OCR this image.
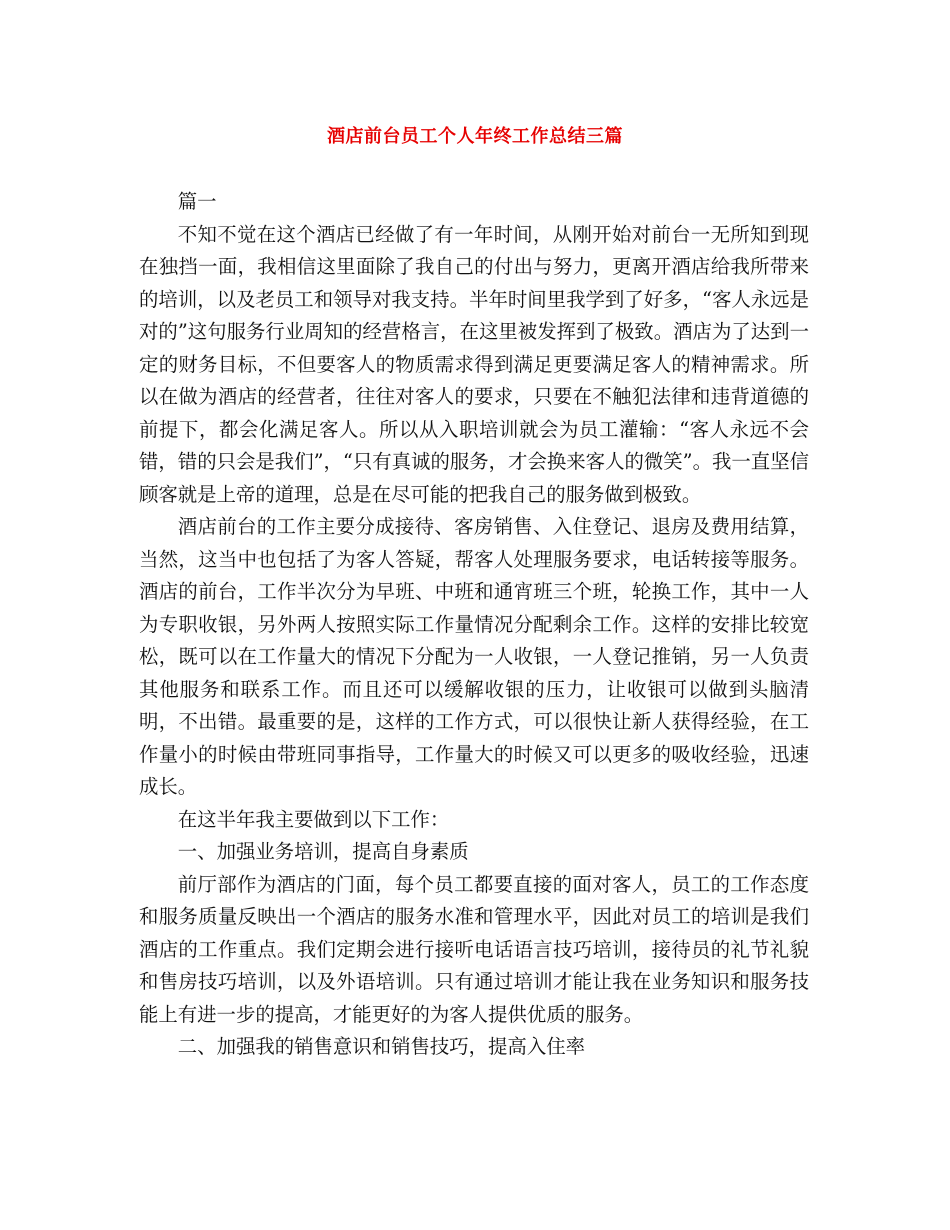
酒店前台员工个人年终工作总结三篇

篇一

不知不觉在这个酒店已经做了有一年时间，从刚开始对前台一无所知到现在独挡一面，我相信这里面除了我自己的付出与努力，更离开酒店给我所带来的培训，以及老员工和领导对我支持。半年时间里我学到了好多，“客人永远是对的”这句服务行业周知的经营格言，在这里被发挥到了极致。酒店为了达到一定的财务目标，不但要客人的物质需求得到满足更要满足客人的精神需求。所以在做为酒店的经营者，往往对客人的要求，只要在不触犯法律和违背道德的前提下，都会化满足客人。所以从入职培训就会为员工灌输：“客人永远不会错，错的只会是我们”，“只有真诚的服务，才会换来客人的微笑”。我一直坚信顾客就是上帝的道理，总是在尽可能的把我自己的服务做到极致。

酒店前台的工作主要分成接待、客房销售、入住登记、退房及费用结算，当然，这当中也包括了为客人答疑，帮客人处理服务要求，电话转接等服务。酒店的前台，工作半次分为早班、中班和通宵班三个班，轮换工作，其中一人为专职收银，另外两人按照实际工作量情况分配剩余工作。这样的安排比较宽松，既可以在工作量大的情况下分配为一人收银，一人登记推销，另一人负责其他服务和联系工作。而且还可以缓解收银的压力，让收银可以做到头脑清明，不出错。最重要的是，这样的工作方式，可以很快让新人获得经验，在工作量小的时候由带班同事指导，工作量大的时候又可以更多的吸收经验，迅速成长。

在这半年我主要做到以下工作：

一、加强业务培训，提高自身素质

前厅部作为酒店的门面，每个员工都要直接的面对客人，员工的工作态度和服务质量反映出一个酒店的服务水准和管理水平，因此对员工的培训是我们酒店的工作重点。我们定期会进行接听电话语言技巧培训，接待员的礼节礼貌和售房技巧培训，以及外语培训。只有通过培训才能让我在业务知识和服务技能上有进一步的提高，才能更好的为客人提供优质的服务。

二、加强我的销售意识和销售技巧，提高入住率
